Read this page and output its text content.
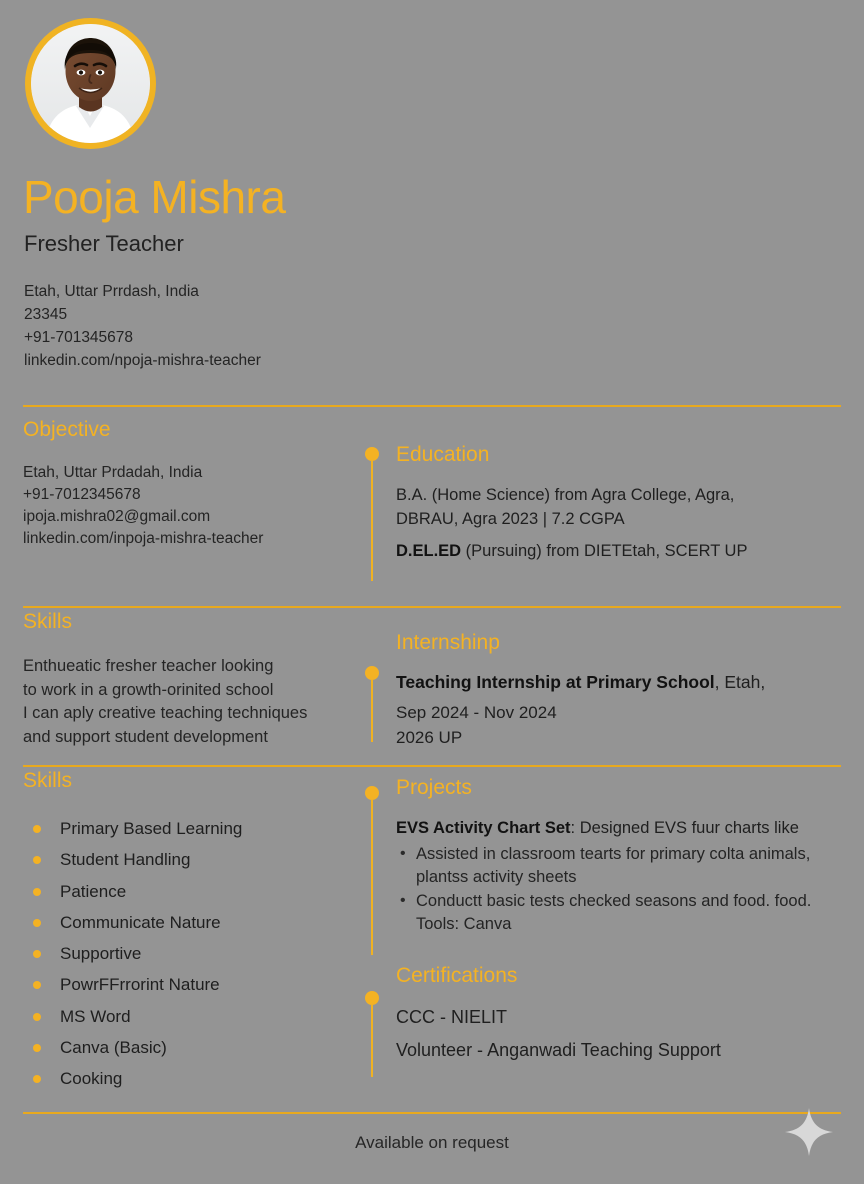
Pooja Mishra
Fresher Teacher
Etah, Uttar Prrdash, India
23345
+91-701345678
linkedin.com/npoja-mishra-teacher
Objective
Etah, Uttar Prdadah, India
+91-7012345678
ipoja.mishra02@gmail.com
linkedin.com/inpoja-mishra-teacher
Education
B.A. (Home Science) from Agra College, Agra,
DBRAU, Agra 2023 | 7.2 CGPA
D.EL.ED (Pursuing) from DIETEtah, SCERT UP
Skills
Enthueatic fresher teacher looking
to work in a growth-orinited school
I can aply creative teaching techniques
and support student development
Internshinp
Teaching Internship at Primary School, Etah,
Sep 2024 - Nov 2024
2026 UP
Skills
Primary Based Learning
Student Handling
Patience
Communicate Nature
Supportive
PowrFFrrorint Nature
MS Word
Canva (Basic)
Cooking
Projects
EVS Activity Chart Set: Designed EVS fuur charts like
• Assisted in classroom tearts for primary colta animals, plantss activity sheets
• Conductt basic tests checked seasons and food. food. Tools: Canva
Certifications
CCC - NIELIT
Volunteer - Anganwadi Teaching Support
Available on request
